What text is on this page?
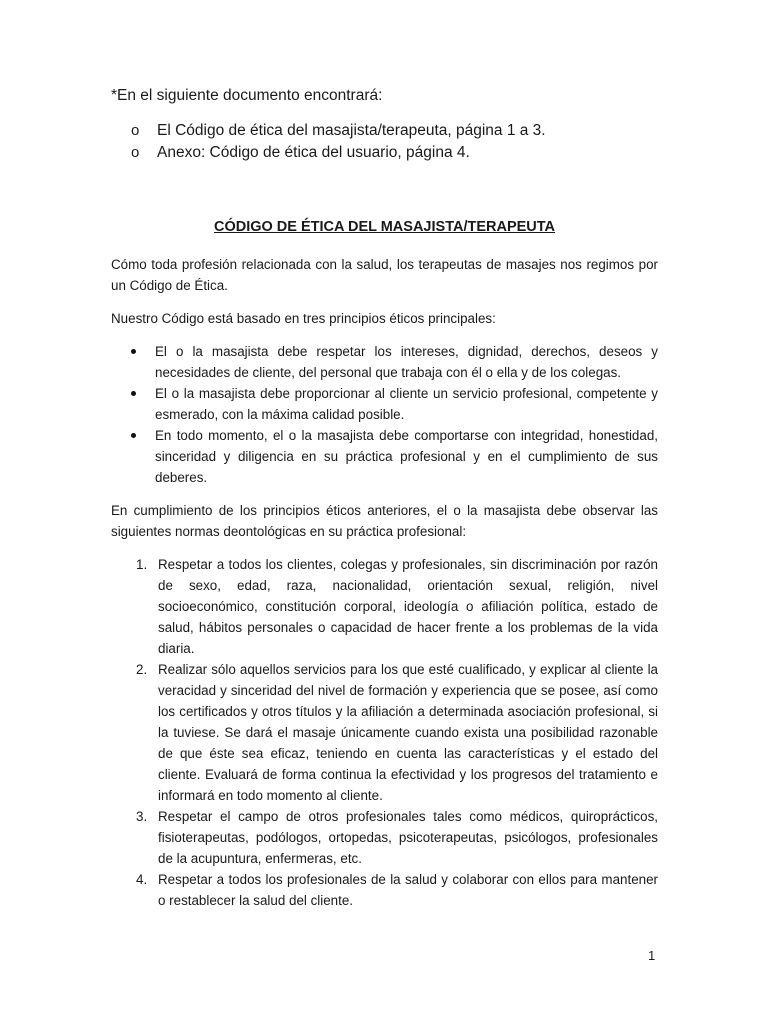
*En el siguiente documento encontrará:
o El Código de ética del masajista/terapeuta, página 1 a 3.
o Anexo: Código de ética del usuario, página 4.
CÓDIGO DE ÉTICA DEL MASAJISTA/TERAPEUTA

Cómo toda profesión relacionada con la salud, los terapeutas de masajes nos regimos por un Código de Ética.

Nuestro Código está basado en tres principios éticos principales:

El o la masajista debe respetar los intereses, dignidad, derechos, deseos y necesidades de cliente, del personal que trabaja con él o ella y de los colegas.
El o la masajista debe proporcionar al cliente un servicio profesional, competente y esmerado, con la máxima calidad posible.
En todo momento, el o la masajista debe comportarse con integridad, honestidad, sinceridad y diligencia en su práctica profesional y en el cumplimiento de sus deberes.

En cumplimiento de los principios éticos anteriores, el o la masajista debe observar las siguientes normas deontológicas en su práctica profesional:

1. Respetar a todos los clientes, colegas y profesionales, sin discriminación por razón de sexo, edad, raza, nacionalidad, orientación sexual, religión, nivel socioeconómico, constitución corporal, ideología o afiliación política, estado de salud, hábitos personales o capacidad de hacer frente a los problemas de la vida diaria.
2. Realizar sólo aquellos servicios para los que esté cualificado, y explicar al cliente la veracidad y sinceridad del nivel de formación y experiencia que se posee, así como los certificados y otros títulos y la afiliación a determinada asociación profesional, si la tuviese. Se dará el masaje únicamente cuando exista una posibilidad razonable de que éste sea eficaz, teniendo en cuenta las características y el estado del cliente. Evaluará de forma continua la efectividad y los progresos del tratamiento e informará en todo momento al cliente.
3. Respetar el campo de otros profesionales tales como médicos, quiroprácticos, fisioterapeutas, podólogos, ortopedas, psicoterapeutas, psicólogos, profesionales de la acupuntura, enfermeras, etc.
4. Respetar a todos los profesionales de la salud y colaborar con ellos para mantener o restablecer la salud del cliente.
1
